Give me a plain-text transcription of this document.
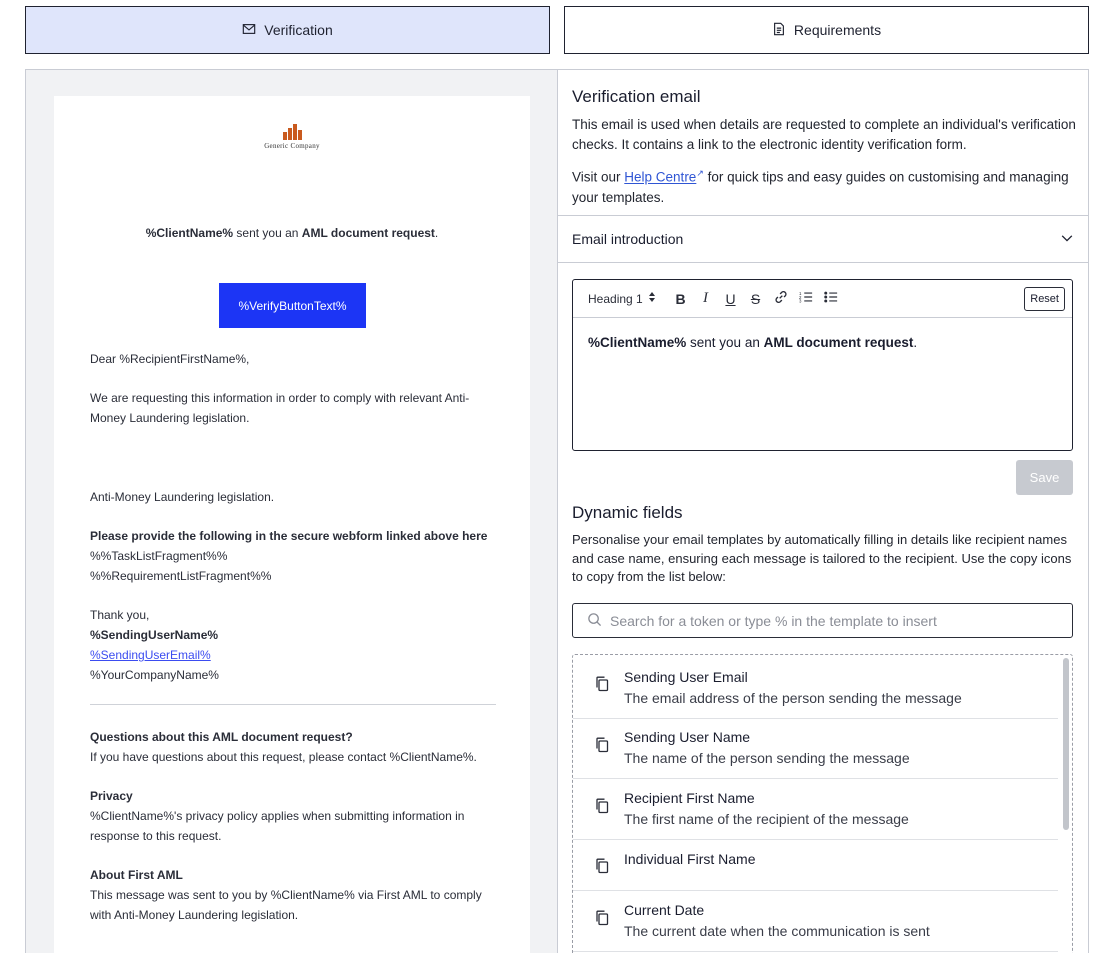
Verification	Requirements
Generic Company
%ClientName% sent you an AML document request.
%VerifyButtonText%

Dear %RecipientFirstName%,

We are requesting this information in order to comply with relevant Anti-Money Laundering legislation.

Anti-Money Laundering legislation.

Please provide the following in the secure webform linked above here
%%TaskListFragment%%
%%RequirementListFragment%%

Thank you,
%SendingUserName%
%SendingUserEmail%
%YourCompanyName%

Questions about this AML document request?
If you have questions about this request, please contact %ClientName%.

Privacy
%ClientName%'s privacy policy applies when submitting information in response to this request.

About First AML
This message was sent to you by %ClientName% via First AML to comply with Anti-Money Laundering legislation.

Verification email
This email is used when details are requested to complete an individual's verification checks. It contains a link to the electronic identity verification form.
Visit our Help Centre↗ for quick tips and easy guides on customising and managing your templates.
Email introduction
Heading 1 B I U S	1
2
3	Reset
%ClientName% sent you an AML document request.
Save
Dynamic fields
Personalise your email templates by automatically filling in details like recipient names and case name, ensuring each message is tailored to the recipient. Use the copy icons to copy from the list below:
Search for a token or type % in the template to insert
Sending User Email
The email address of the person sending the message
Sending User Name
The name of the person sending the message
Recipient First Name
The first name of the recipient of the message
Individual First Name
Current Date
The current date when the communication is sent
